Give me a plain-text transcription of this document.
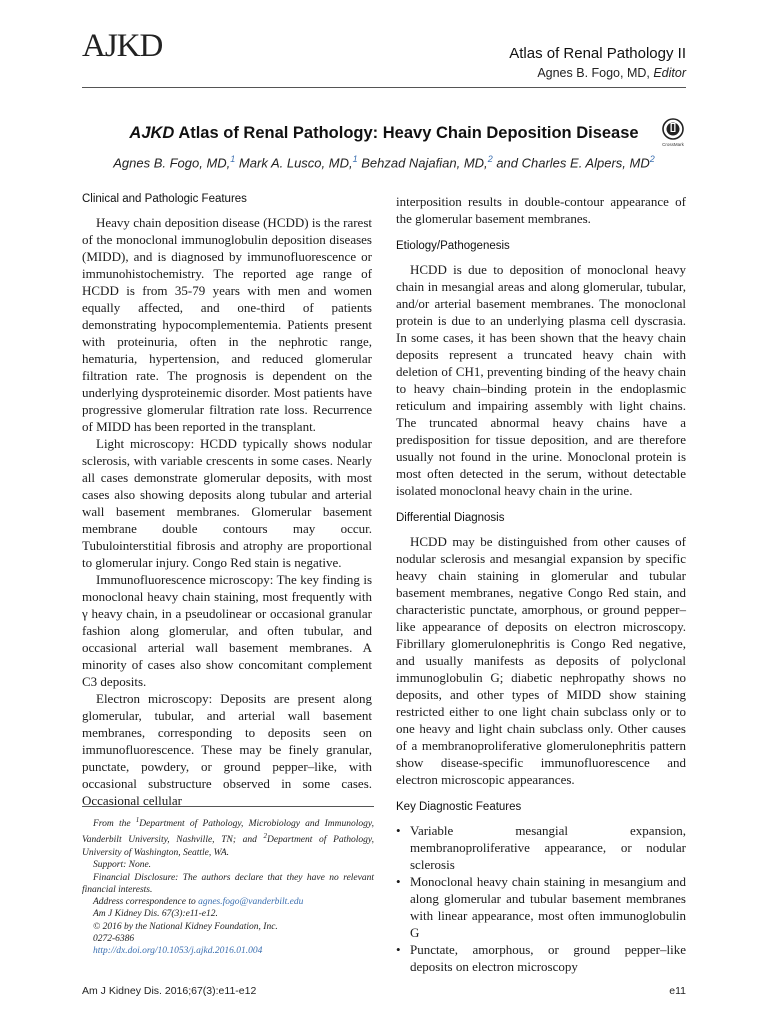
AJKD	Atlas of Renal Pathology II
Agnes B. Fogo, MD, Editor
AJKD Atlas of Renal Pathology: Heavy Chain Deposition Disease
CrossMark
Agnes B. Fogo, MD,$^1$ Mark A. Lusco, MD,$^1$ Behzad Najafian, MD,$^2$ and Charles E. Alpers, $MD^2$
Clinical and Pathologic Features

Heavy chain deposition disease (HCDD) is the rarest of the monoclonal immunoglobulin deposition diseases (MIDD), and is diagnosed by immunofluorescence or immunohistochemistry. The reported age range of HCDD is from 35-79 years with men and women equally affected, and one-third of patients demonstrating hypocomplementemia. Patients present with proteinuria, often in the nephrotic range, hematuria, hypertension, and reduced glomerular filtration rate. The prognosis is dependent on the underlying dysproteinemic disorder. Most patients have progressive glomerular filtration rate loss. Recurrence of MIDD has been reported in the transplant.

Light microscopy: HCDD typically shows nodular sclerosis, with variable crescents in some cases. Nearly all cases demonstrate glomerular deposits, with most cases also showing deposits along tubular and arterial wall basement membranes. Glomerular basement membrane double contours may occur. Tubulointerstitial fibrosis and atrophy are proportional to glomerular injury. Congo Red stain is negative.

Immunofluorescence microscopy: The key finding is monoclonal heavy chain staining, most frequently with γ heavy chain, in a pseudolinear or occasional granular fashion along glomerular, and often tubular, and occasional arterial wall basement membranes. A minority of cases also show concomitant complement C3 deposits.

Electron microscopy: Deposits are present along glomerular, tubular, and arterial wall basement membranes, corresponding to deposits seen on immunofluorescence. These may be finely granular, punctate, powdery, or ground pepper–like, with occasional substructure observed in some cases. Occasional cellular

interposition results in double-contour appearance of the glomerular basement membranes.

Etiology/Pathogenesis

HCDD is due to deposition of monoclonal heavy chain in mesangial areas and along glomerular, tubular, and/or arterial basement membranes. The monoclonal protein is due to an underlying plasma cell dyscrasia. In some cases, it has been shown that the heavy chain deposits represent a truncated heavy chain with deletion of CH1, preventing binding of the heavy chain to heavy chain–binding protein in the endoplasmic reticulum and impairing assembly with light chains. The truncated abnormal heavy chains have a predisposition for tissue deposition, and are therefore usually not found in the urine. Monoclonal protein is most often detected in the serum, without detectable isolated monoclonal heavy chain in the urine.

Differential Diagnosis

HCDD may be distinguished from other causes of nodular sclerosis and mesangial expansion by specific heavy chain staining in glomerular and tubular basement membranes, negative Congo Red stain, and characteristic punctate, amorphous, or ground pepper–like appearance of deposits on electron microscopy. Fibrillary glomerulonephritis is Congo Red negative, and usually manifests as deposits of polyclonal immunoglobulin G; diabetic nephropathy shows no deposits, and other types of MIDD show staining restricted either to one light chain subclass only or to one heavy and light chain subclass only. Other causes of a membranoproliferative glomerulonephritis pattern show disease-specific immunofluorescence and electron microscopic appearances.

Key Diagnostic Features
• Variable mesangial expansion, membranoproliferative appearance, or nodular sclerosis
• Monoclonal heavy chain staining in mesangium and along glomerular and tubular basement membranes with linear appearance, most often immunoglobulin G
• Punctate, amorphous, or ground pepper–like deposits on electron microscopy
From the $^1$Department of Pathology, Microbiology and Immunology, Vanderbilt University, Nashville, TN; and $^2$Department of Pathology, University of Washington, Seattle, WA.
Support: None.
Financial Disclosure: The authors declare that they have no relevant financial interests.
Address correspondence to agnes.fogo@vanderbilt.edu
Am J Kidney Dis. 67(3):e11-e12.
© 2016 by the National Kidney Foundation, Inc.
0272-6386
http://dx.doi.org/10.1053/j.ajkd.2016.01.004
Am J Kidney Dis. 2016;67(3):e11-e12	e11
